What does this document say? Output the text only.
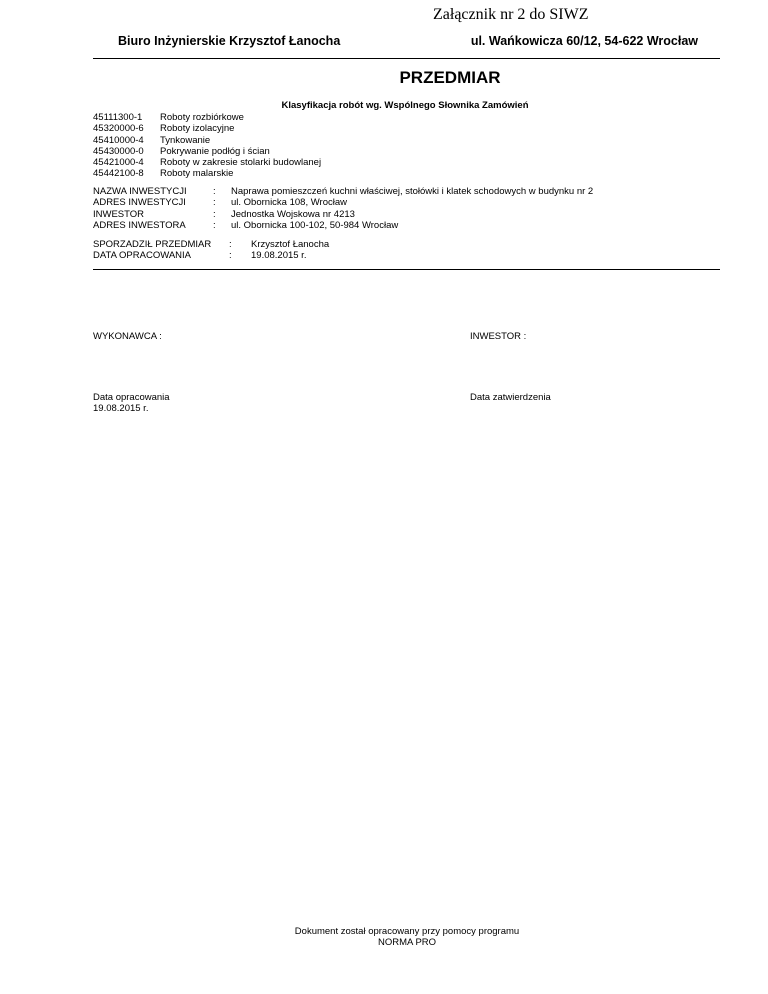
Załącznik nr 2 do SIWZ
Biuro Inżynierskie Krzysztof Łanocha	ul. Wańkowicza 60/12, 54-622 Wrocław
PRZEDMIAR
Klasyfikacja robót wg. Wspólnego Słownika Zamówień
45111300-1	Roboty rozbiórkowe
45320000-6	Roboty izolacyjne
45410000-4	Tynkowanie
45430000-0	Pokrywanie podłóg i ścian
45421000-4	Roboty w zakresie stolarki budowlanej
45442100-8	Roboty malarskie
NAZWA INWESTYCJI	:	Naprawa pomieszczeń kuchni właściwej, stołówki i klatek schodowych w budynku nr 2
ADRES INWESTYCJI	:	ul. Obornicka 108, Wrocław
INWESTOR	:	Jednostka Wojskowa nr 4213
ADRES INWESTORA	:	ul. Obornicka 100-102, 50-984 Wrocław
SPORZADZIŁ PRZEDMIAR	:	Krzysztof Łanocha
DATA OPRACOWANIA	:	19.08.2015 r.
WYKONAWCA :	INWESTOR :
Data opracowania
19.08.2015 r.
Data zatwierdzenia
Dokument został opracowany przy pomocy programu
NORMA PRO
